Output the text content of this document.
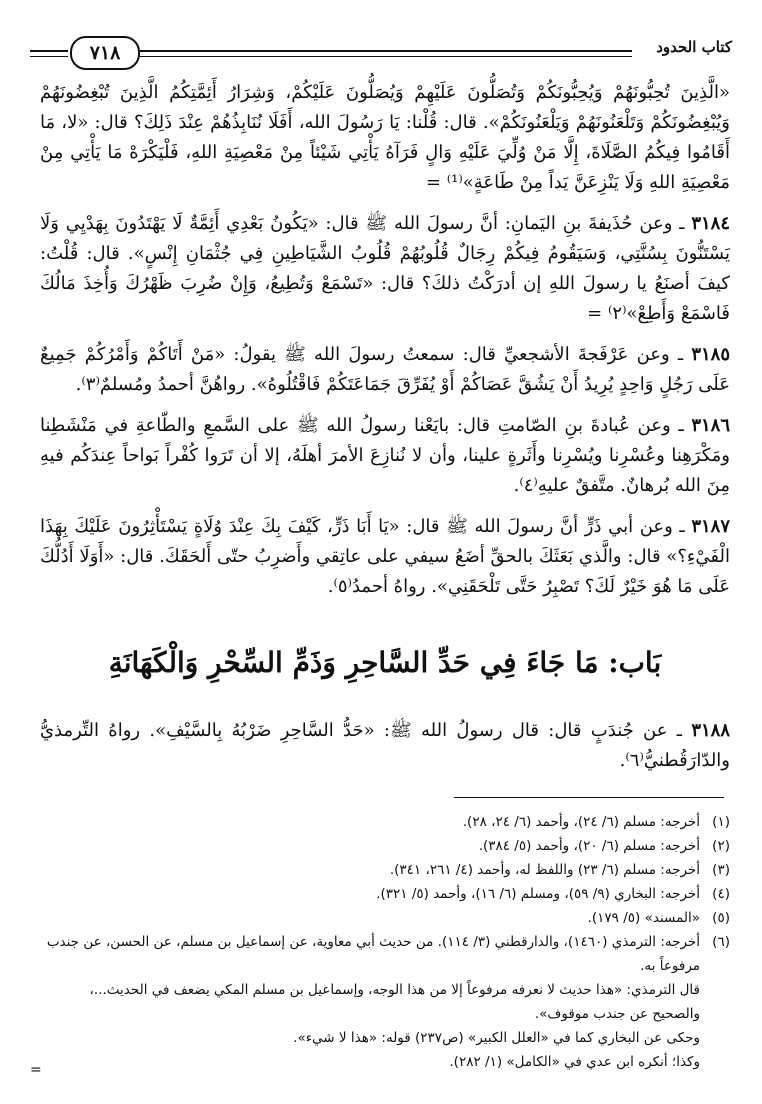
كتاب الحدود
٧١٨

«الَّذِينَ تُحِبُّونَهُمْ وَيُحِبُّونَكُمْ وَتُصَلُّونَ عَلَيْهِمْ وَيُصَلُّونَ عَلَيْكُمْ، وَشِرَارُ أَئِمَّتِكُمُ الَّذِينَ تُبْغِضُونَهُمْ وَيُبْغِضُونَكُمْ وَتَلْعَنُونَهُمْ وَيَلْعَنُونَكُمْ». قال: قُلْنا: يَا رَسُولَ الله، أَفَلَا نُنَابِذُهُمْ عِنْدَ ذَلِكَ؟ قال: «لا، مَا أَقَامُوا فِيكُمُ الصَّلَاةَ، إِلَّا مَنْ وُلِّيَ عَلَيْهِ وَالٍ فَرَآهُ يَأْتِي شَيْئاً مِنْ مَعْصِيَةِ اللهِ، فَلْيَكْرَهْ مَا يَأْتِي مِنْ مَعْصِيَةِ اللهِ وَلَا يَنْزِعَنَّ يَداً مِنْ طَاعَةٍ»⁽¹⁾ =

٣١٨٤ ـ وعن حُذَيفةَ بنِ اليَمانِ: أنَّ رسولَ الله ﷺ قال: «يَكُونُ بَعْدِي أَئِمَّةٌ لَا يَهْتَدُونَ بِهَدْيِي وَلَا يَسْتَنُّونَ بِسُنَّتِي، وَسَيَقُومُ فِيكُمْ رِجَالٌ قُلُوبُهُمْ قُلُوبُ الشَّيَاطِينِ فِي جُثْمَانِ إِنْسٍ». قال: قُلْتُ: كيفَ أصنَعُ يا رسولَ اللهِ إن أدرَكْتُ ذلكَ؟ قال: «تَسْمَعْ وَتُطِيعُ، وَإِنْ ضُرِبَ ظَهْرُكَ وَأُخِذَ مَالُكَ فَاسْمَعْ وَأَطِعْ»⁽٢⁾ =

٣١٨٥ ـ وعن عَرْفَجةَ الأشجعيِّ قال: سمعتُ رسولَ الله ﷺ يقولُ: «مَنْ أَتَاكُمْ وَأَمْرُكُمْ جَمِيعٌ عَلَى رَجُلٍ وَاحِدٍ يُرِيدُ أَنْ يَشُقَّ عَصَاكُمْ أَوْ يُفَرِّقَ جَمَاعَتَكُمْ فَاقْتُلُوهُ». رواهُنَّ أحمدُ ومُسلمٌ⁽٣⁾.

٣١٨٦ ـ وعن عُبادةَ بنِ الصّامتِ قال: بايَعْنا رسولُ الله ﷺ على السَّمعِ والطّاعةِ في مَنْشَطِنا ومَكْرَهِنا وعُسْرِنا ويُسْرِنا وأَثَرةٍ علينا، وأن لا نُنازِعَ الأمرَ أهلَهُ، إلا أن تَرَوا كُفْراً بَواحاً عِندَكُم فيهِ مِنَ الله بُرهانٌ. متَّفقٌ عليهِ⁽٤⁾.

٣١٨٧ ـ وعن أبي ذَرٍّ أنَّ رسولَ الله ﷺ قال: «يَا أَبَا ذَرٍّ، كَيْفَ بِكَ عِنْدَ وُلَاةٍ يَسْتَأْثِرُونَ عَلَيْكَ بِهَذَا الْفَيْءِ؟» قال: والَّذي بَعَثَكَ بالحقِّ أضَعُ سيفي على عاتِقي وأَضرِبُ حتّى أَلحَقَكَ. قال: «أَوَلَا أَدُلُّكَ عَلَى مَا هُوَ خَيْرٌ لَكَ؟ تَصْبِرُ حَتَّى تَلْحَقَنِي». رواهُ أحمدُ⁽٥⁾.

بَاب: مَا جَاءَ فِي حَدِّ السَّاحِرِ وَذَمِّ السِّحْرِ وَالْكَهَانَةِ

٣١٨٨ ـ عن جُندَبٍ قال: قال رسولُ الله ﷺ: «حَدُّ السَّاحِرِ ضَرْبُهُ بِالسَّيْفِ». رواهُ التِّرمذيُّ والدّارَقُطنيُّ⁽٦⁾.

(١)
أخرجه: مسلم (٦/ ٢٤)، وأحمد (٦/ ٢٤، ٢٨).
(٢)
أخرجه: مسلم (٦/ ٢٠)، وأحمد (٥/ ٣٨٤).
(٣)
أخرجه: مسلم (٦/ ٢٣) واللفظ له، وأحمد (٤/ ٢٦١، ٣٤١).
(٤)
أخرجه: البخاري (٩/ ٥٩)، ومسلم (٦/ ١٦)، وأحمد (٥/ ٣٢١).
(٥)
«المسند» (٥/ ١٧٩).
(٦)
أخرجه: الترمذي (١٤٦٠)، والدارقطني (٣/ ١١٤). من حديث أبي معاوية، عن إسماعيل بن مسلم، عن الحسن، عن جندب مرفوعاً به.
قال الترمذي: «هذا حديث لا نعرفه مرفوعاً إلا من هذا الوجه، وإسماعيل بن مسلم المكي يضعف في الحديث...، والصحيح عن جندب موقوف».
وحكى عن البخاري كما في «العلل الكبير» (ص٢٣٧) قوله: «هذا لا شيء».
وكذا؛ أنكره ابن عدي في «الكامل» (١/ ٢٨٢).
=
